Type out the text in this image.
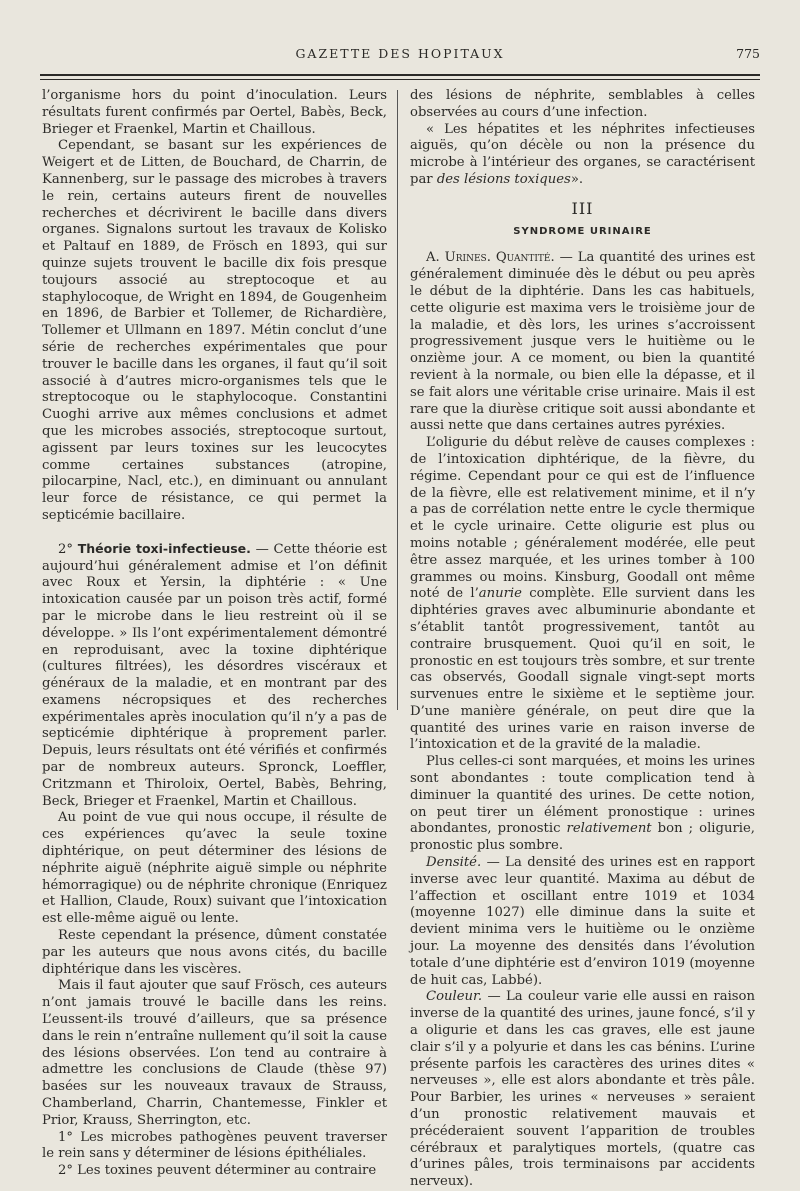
GAZETTE DES HOPITAUX	775

l’organisme hors du point d’inoculation. Leurs résultats furent confirmés par Oertel, Babès, Beck, Brieger et Fraenkel, Martin et Chaillous.

Cependant, se basant sur les expériences de Weigert et de Litten, de Bouchard, de Charrin, de Kannenberg, sur le passage des microbes à travers le rein, certains auteurs firent de nouvelles recherches et décrivirent le bacille dans divers organes. Signalons surtout les travaux de Kolisko et Paltauf en 1889, de Frösch en 1893, qui sur quinze sujets trouvent le bacille dix fois presque toujours associé au streptocoque et au staphylocoque, de Wright en 1894, de Gougenheim en 1896, de Barbier et Tollemer, de Richardière, Tollemer et Ullmann en 1897. Métin conclut d’une série de recherches expérimentales que pour trouver le bacille dans les organes, il faut qu’il soit associé à d’autres micro-organismes tels que le streptocoque ou le staphylocoque. Constantini Cuoghi arrive aux mêmes conclusions et admet que les microbes associés, streptocoque surtout, agissent par leurs toxines sur les leucocytes comme certaines substances (atropine, pilocarpine, Nacl, etc.), en diminuant ou annulant leur force de résistance, ce qui permet la septicémie bacillaire.

2° Théorie toxi-infectieuse. — Cette théorie est aujourd’hui généralement admise et l’on définit avec Roux et Yersin, la diphtérie : « Une intoxication causée par un poison très actif, formé par le microbe dans le lieu restreint où il se développe. » Ils l’ont expérimentalement démontré en reproduisant, avec la toxine diphtérique (cultures filtrées), les désordres viscéraux et généraux de la maladie, et en montrant par des examens nécropsiques et des recherches expérimentales après inoculation qu’il n’y a pas de septicémie diphtérique à proprement parler. Depuis, leurs résultats ont été vérifiés et confirmés par de nombreux auteurs. Spronck, Loeffler, Critzmann et Thiroloix, Oertel, Babès, Behring, Beck, Brieger et Fraenkel, Martin et Chaillous.

Au point de vue qui nous occupe, il résulte de ces expériences qu’avec la seule toxine diphtérique, on peut déterminer des lésions de néphrite aiguë (néphrite aiguë simple ou néphrite hémorragique) ou de néphrite chronique (Enriquez et Hallion, Claude, Roux) suivant que l’intoxication est elle-même aiguë ou lente.

Reste cependant la présence, dûment constatée par les auteurs que nous avons cités, du bacille diphtérique dans les viscères.

Mais il faut ajouter que sauf Frösch, ces auteurs n’ont jamais trouvé le bacille dans les reins. L’eussent-ils trouvé d’ailleurs, que sa présence dans le rein n’entraîne nullement qu’il soit la cause des lésions observées. L’on tend au contraire à admettre les conclusions de Claude (thèse 97) basées sur les nouveaux travaux de Strauss, Chamberland, Charrin, Chantemesse, Finkler et Prior, Krauss, Sherrington, etc.

1° Les microbes pathogènes peuvent traverser le rein sans y déterminer de lésions épithéliales.

2° Les toxines peuvent déterminer au contraire

des lésions de néphrite, semblables à celles observées au cours d’une infection.

« Les hépatites et les néphrites infectieuses aiguës, qu’on décèle ou non la présence du microbe à l’intérieur des organes, se caractérisent par des lésions toxiques».

III

SYNDROME URINAIRE

A. Urines. Quantité. — La quantité des urines est généralement diminuée dès le début ou peu après le début de la diphtérie. Dans les cas habituels, cette oligurie est maxima vers le troisième jour de la maladie, et dès lors, les urines s’accroissent progressivement jusque vers le huitième ou le onzième jour. A ce moment, ou bien la quantité revient à la normale, ou bien elle la dépasse, et il se fait alors une véritable crise urinaire. Mais il est rare que la diurèse critique soit aussi abondante et aussi nette que dans certaines autres pyréxies.

L’oligurie du début relève de causes complexes : de l’intoxication diphtérique, de la fièvre, du régime. Cependant pour ce qui est de l’influence de la fièvre, elle est relativement minime, et il n’y a pas de corrélation nette entre le cycle thermique et le cycle urinaire. Cette oligurie est plus ou moins notable ; généralement modérée, elle peut être assez marquée, et les urines tomber à 100 grammes ou moins. Kinsburg, Goodall ont même noté de l’anurie complète. Elle survient dans les diphtéries graves avec albuminurie abondante et s’établit tantôt progressivement, tantôt au contraire brusquement. Quoi qu’il en soit, le pronostic en est toujours très sombre, et sur trente cas observés, Goodall signale vingt-sept morts survenues entre le sixième et le septième jour. D’une manière générale, on peut dire que la quantité des urines varie en raison inverse de l’intoxication et de la gravité de la maladie.

Plus celles-ci sont marquées, et moins les urines sont abondantes : toute complication tend à diminuer la quantité des urines. De cette notion, on peut tirer un élément pronostique : urines abondantes, pronostic relativement bon ; oligurie, pronostic plus sombre.

Densité. — La densité des urines est en rapport inverse avec leur quantité. Maxima au début de l’affection et oscillant entre 1019 et 1034 (moyenne 1027) elle diminue dans la suite et devient minima vers le huitième ou le onzième jour. La moyenne des densités dans l’évolution totale d’une diphtérie est d’environ 1019 (moyenne de huit cas, Labbé).

Couleur. — La couleur varie elle aussi en raison inverse de la quantité des urines, jaune foncé, s’il y a oligurie et dans les cas graves, elle est jaune clair s’il y a polyurie et dans les cas bénins. L’urine présente parfois les caractères des urines dites « nerveuses », elle est alors abondante et très pâle. Pour Barbier, les urines « nerveuses » seraient d’un pronostic relativement mauvais et précéderaient souvent l’apparition de troubles cérébraux et paralytiques mortels, (quatre cas d’urines pâles, trois terminaisons par accidents nerveux).
